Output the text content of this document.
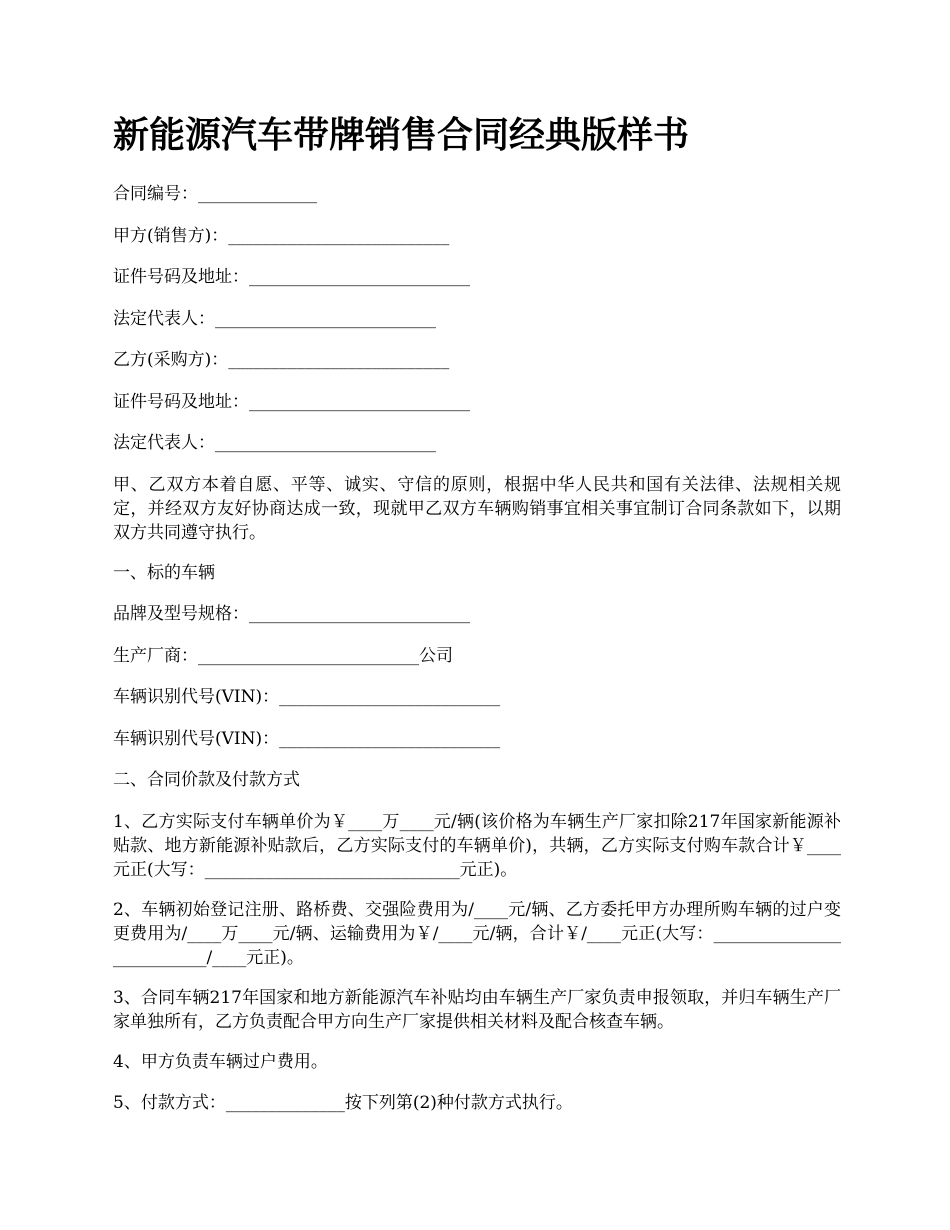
新能源汽车带牌销售合同经典版样书
合同编号：______________
甲方(销售方)：__________________________
证件号码及地址：__________________________
法定代表人：__________________________
乙方(采购方)：__________________________
证件号码及地址：__________________________
法定代表人：__________________________

甲、乙双方本着自愿、平等、诚实、守信的原则，根据中华人民共和国有关法律、法规相关规定，并经双方友好协商达成一致，现就甲乙双方车辆购销事宜相关事宜制订合同条款如下，以期双方共同遵守执行。

一、标的车辆
品牌及型号规格：__________________________
生产厂商：__________________________公司
车辆识别代号(VIN)：__________________________
车辆识别代号(VIN)：__________________________
二、合同价款及付款方式

1、乙方实际支付车辆单价为￥____万____元/辆(该价格为车辆生产厂家扣除217年国家新能源补贴款、地方新能源补贴款后，乙方实际支付的车辆单价)，共辆，乙方实际支付购车款合计￥____元正(大写：______________________________元正)。

2、车辆初始登记注册、路桥费、交强险费用为/____元/辆、乙方委托甲方办理所购车辆的过户变更费用为/____万____元/辆、运输费用为￥/____元/辆，合计￥/____元正(大写：__________________________/____元正)。

3、合同车辆217年国家和地方新能源汽车补贴均由车辆生产厂家负责申报领取，并归车辆生产厂家单独所有，乙方负责配合甲方向生产厂家提供相关材料及配合核查车辆。

4、甲方负责车辆过户费用。

5、付款方式：______________按下列第(2)种付款方式执行。
